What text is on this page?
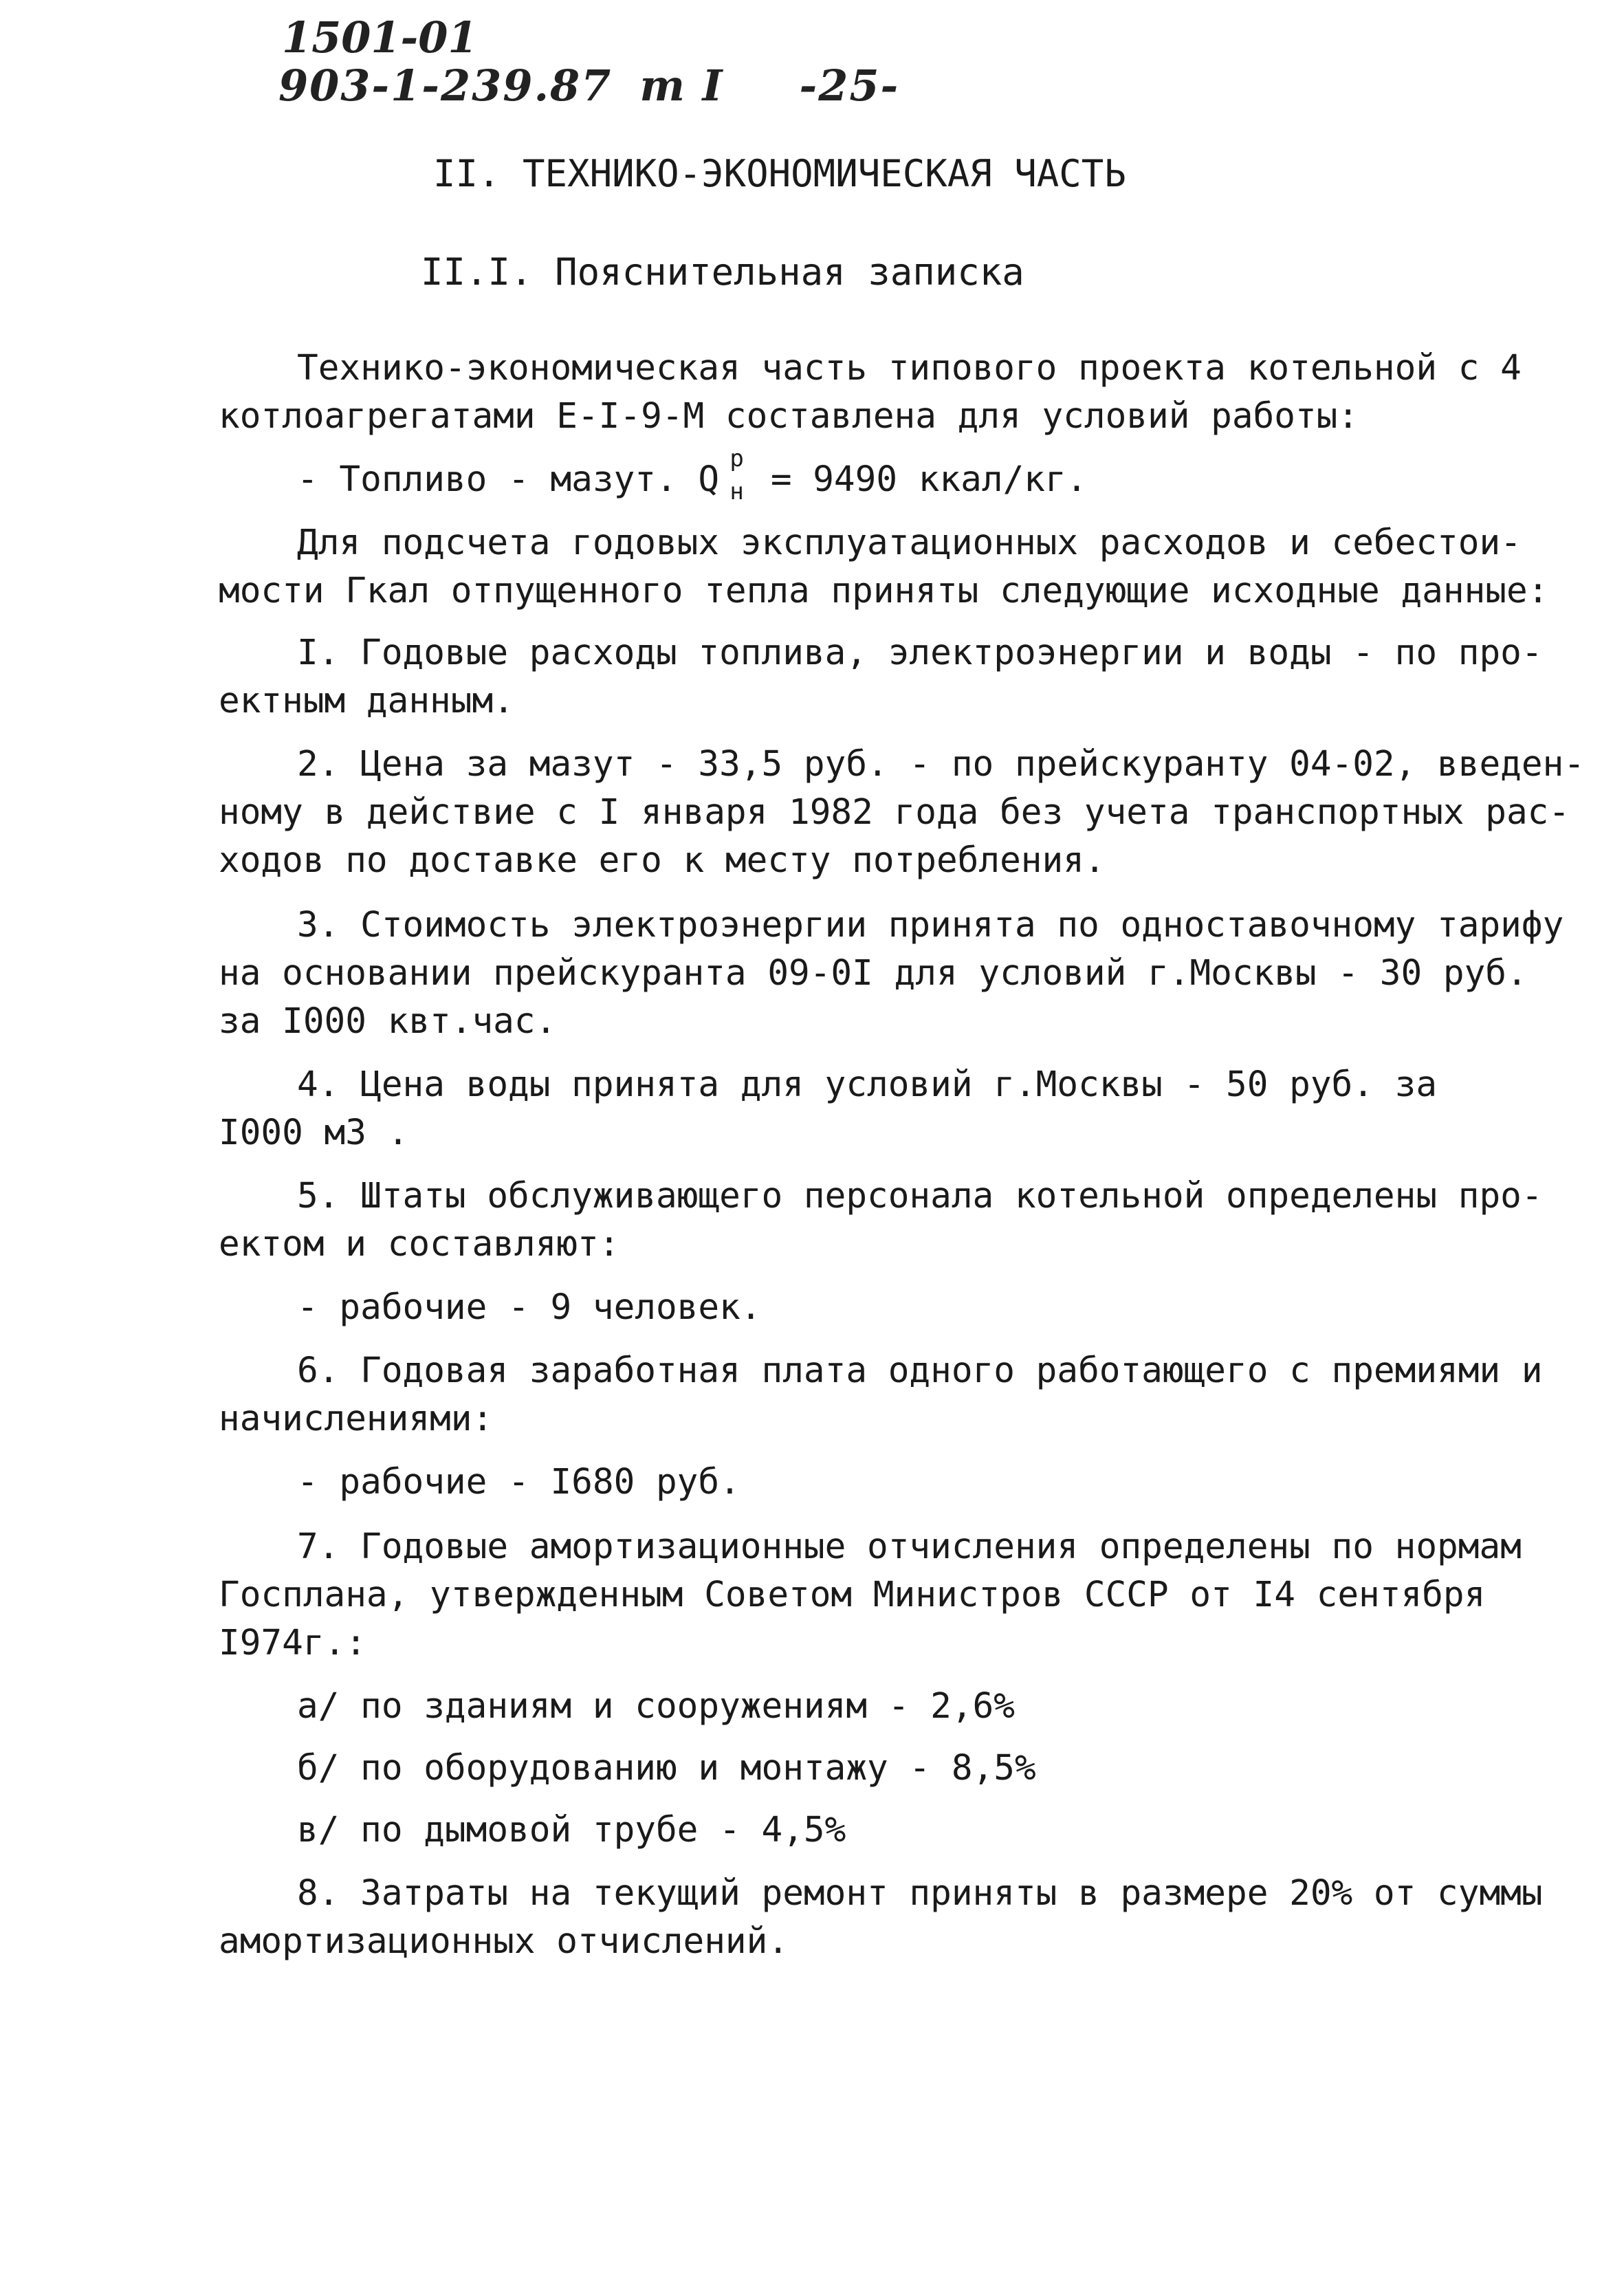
1501-01
903-1-239.87 т I -25-
II. ТЕХНИКО-ЭКОНОМИЧЕСКАЯ ЧАСТЬ
II.I. Пояснительная записка
Технико-экономическая часть типового проекта котельной с 4
котлоагрегатами Е-I-9-М составлена для условий работы:
- Топливо - мазут. Q
р
н = 9490 ккал/кг.
Для подсчета годовых эксплуатационных расходов и себестои-
мости Гкал отпущенного тепла приняты следующие исходные данные:
I. Годовые расходы топлива, электроэнергии и воды - по про-
ектным данным.
2. Цена за мазут - 33,5 руб. - по прейскуранту 04-02, введен-
ному в действие с I января 1982 года без учета транспортных рас-
ходов по доставке его к месту потребления.
3. Стоимость электроэнергии принята по одноставочному тарифу
на основании прейскуранта 09-0I для условий г.Москвы - 30 руб.
за I000 квт.час.
4. Цена воды принята для условий г.Москвы - 50 руб. за
I000 м3 .
5. Штаты обслуживающего персонала котельной определены про-
ектом и составляют:
- рабочие - 9 человек.
6. Годовая заработная плата одного работающего с премиями и
начислениями:
- рабочие - I680 руб.
7. Годовые амортизационные отчисления определены по нормам
Госплана, утвержденным Советом Министров СССР от I4 сентября
I974г.:
а/ по зданиям и сооружениям - 2,6%
б/ по оборудованию и монтажу - 8,5%
в/ по дымовой трубе - 4,5%
8. Затраты на текущий ремонт приняты в размере 20% от суммы
амортизационных отчислений.
